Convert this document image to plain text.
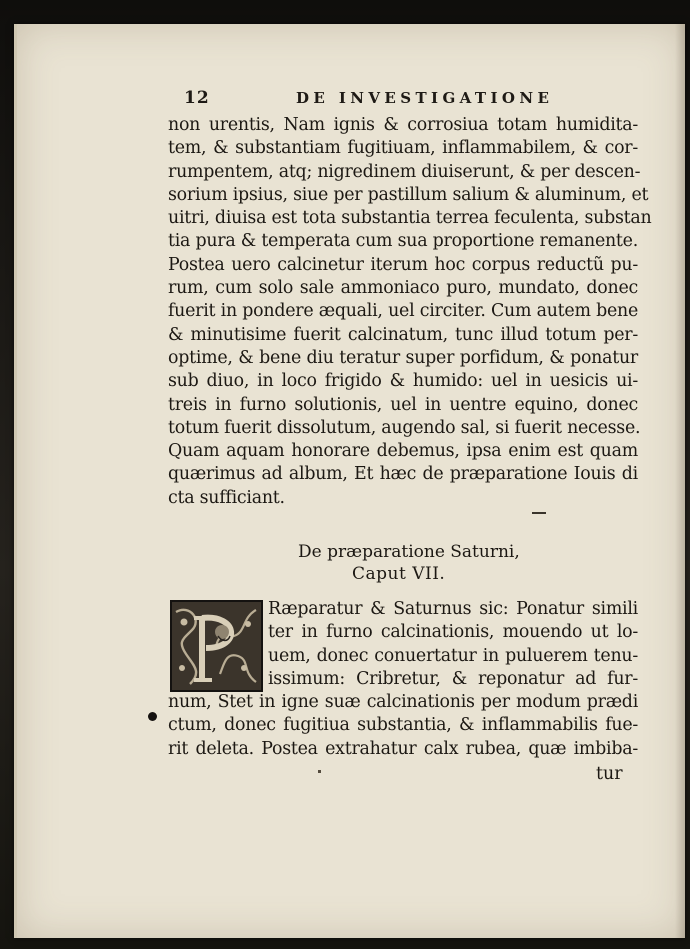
12	DE INVESTIGATIONE
non urentis, Nam ignis & corrosiua totam humidita-
tem, & substantiam fugitiuam, inflammabilem, & cor-
rumpentem, atq; nigredinem diuiserunt, & per descen-
sorium ipsius, siue per pastillum salium & aluminum, et
uitri, diuisa est tota substantia terrea feculenta, substan
tia pura & temperata cum sua proportione remanente.
Postea uero calcinetur iterum hoc corpus reductũ pu-
rum, cum solo sale ammoniaco puro, mundato, donec
fuerit in pondere æquali, uel circiter. Cum autem bene
& minutisime fuerit calcinatum, tunc illud totum per-
optime, & bene diu teratur super porfidum, & ponatur
sub diuo, in loco frigido & humido: uel in uesicis ui-
treis in furno solutionis, uel in uentre equino, donec
totum fuerit dissolutum, augendo sal, si fuerit necesse.
Quam aquam honorare debemus, ipsa enim est quam
quærimus ad album, Et hæc de præparatione Iouis di
cta sufficiant.
De præparatione Saturni,
Caput VII.
Ræparatur & Saturnus sic: Ponatur simili
ter in furno calcinationis, mouendo ut lo-
uem, donec conuertatur in puluerem tenu-
issimum: Cribretur, & reponatur ad fur-
num, Stet in igne suæ calcinationis per modum prædi
ctum, donec fugitiua substantia, & inflammabilis fue-
rit deleta. Postea extrahatur calx rubea, quæ imbiba-
tur
